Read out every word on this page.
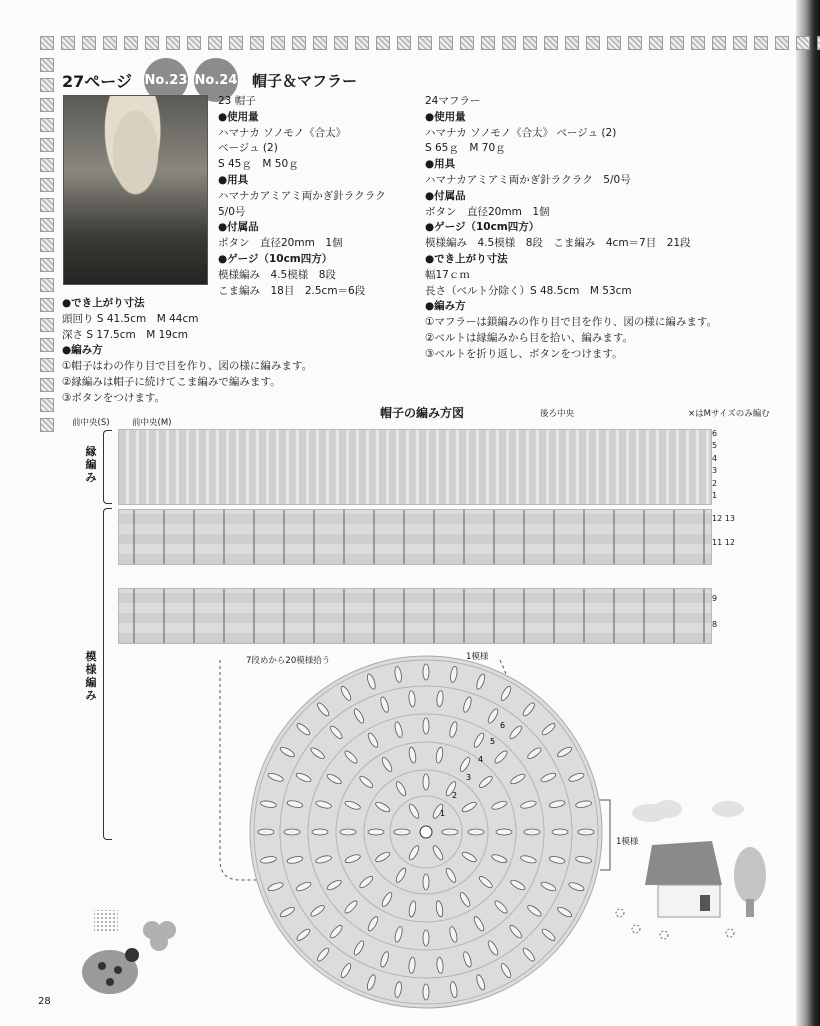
27ページ No.23 No.24 帽子＆マフラー
23 帽子
●使用量
ハマナカ ソノモノ《合太》
ベージュ (2)
S 45ｇ　M 50ｇ
●用具
ハマナカアミアミ両かぎ針ラクラク
5/0号
●付属品
ボタン　直径20mm　1個
●ゲージ（10cm四方）
模様編み　4.5模様　8段
こま編み　18目　2.5cm＝6段
24マフラー
●使用量
ハマナカ ソノモノ《合太》 ベージュ (2)
S 65ｇ　M 70ｇ
●用具
ハマナカアミアミ両かぎ針ラクラク　5/0号
●付属品
ボタン　直径20mm　1個
●ゲージ（10cm四方）
模様編み　4.5模様　8段　こま編み　4cm＝7目　21段
●でき上がり寸法
幅17ｃｍ
長さ（ベルト分除く）S 48.5cm　M 53cm
●編み方
①マフラーは鎖編みの作り目で目を作り、図の様に編みます。
②ベルトは縁編みから目を拾い、編みます。
③ベルトを折り返し、ボタンをつけます。
●でき上がり寸法
頭回り S 41.5cm　M 44cm
深さ S 17.5cm　M 19cm
●編み方
①帽子はわの作り目で目を作り、図の様に編みます。
②縁編みは帽子に続けてこま編みで編みます。
③ボタンをつけます。
帽子の編み方図	後ろ中央	×はMサイズのみ編む
前中央(S)	前中央(M)
縁編み
6
5
4
3
2
1
模様編み
12 13
11 12
9
8
7段めから20模様拾う	1模様
1模様
6
5
4
3
2
1
28
